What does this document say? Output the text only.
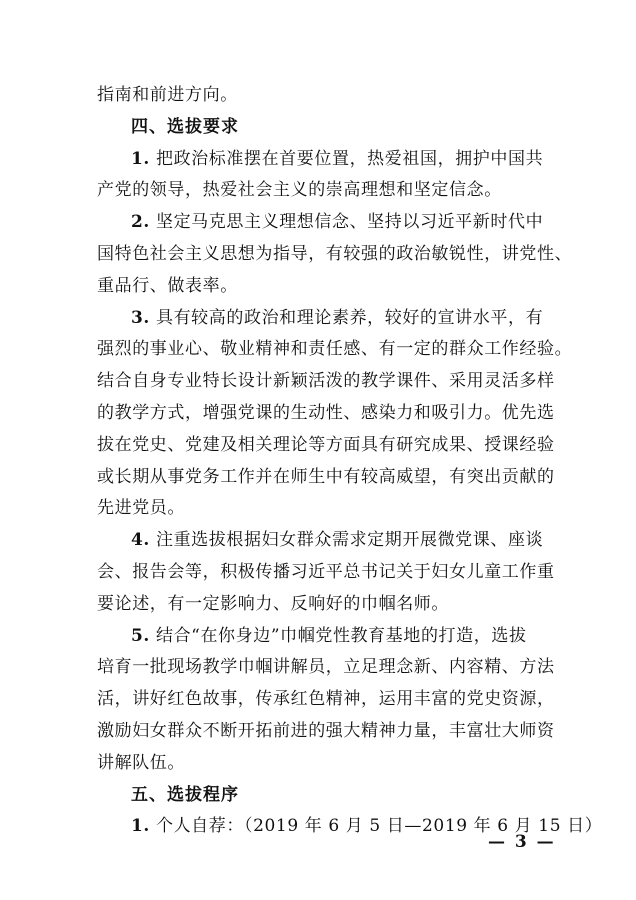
指南和前进方向。
四、选拔要求
1. 把政治标准摆在首要位置，热爱祖国，拥护中国共
产党的领导，热爱社会主义的崇高理想和坚定信念。
2. 坚定马克思主义理想信念、坚持以习近平新时代中
国特色社会主义思想为指导，有较强的政治敏锐性，讲党性、
重品行、做表率。
3. 具有较高的政治和理论素养，较好的宣讲水平，有
强烈的事业心、敬业精神和责任感、有一定的群众工作经验。
结合自身专业特长设计新颖活泼的教学课件、采用灵活多样
的教学方式，增强党课的生动性、感染力和吸引力。优先选
拔在党史、党建及相关理论等方面具有研究成果、授课经验
或长期从事党务工作并在师生中有较高威望，有突出贡献的
先进党员。
4. 注重选拔根据妇女群众需求定期开展微党课、座谈
会、报告会等，积极传播习近平总书记关于妇女儿童工作重
要论述，有一定影响力、反响好的巾帼名师。
5. 结合“在你身边”巾帼党性教育基地的打造，选拔
培育一批现场教学巾帼讲解员，立足理念新、内容精、方法
活，讲好红色故事，传承红色精神，运用丰富的党史资源，
激励妇女群众不断开拓前进的强大精神力量，丰富壮大师资
讲解队伍。
五、选拔程序
1. 个人自荐：（2019 年 6 月 5 日—2019 年 6 月 15 日）
— 3 —
